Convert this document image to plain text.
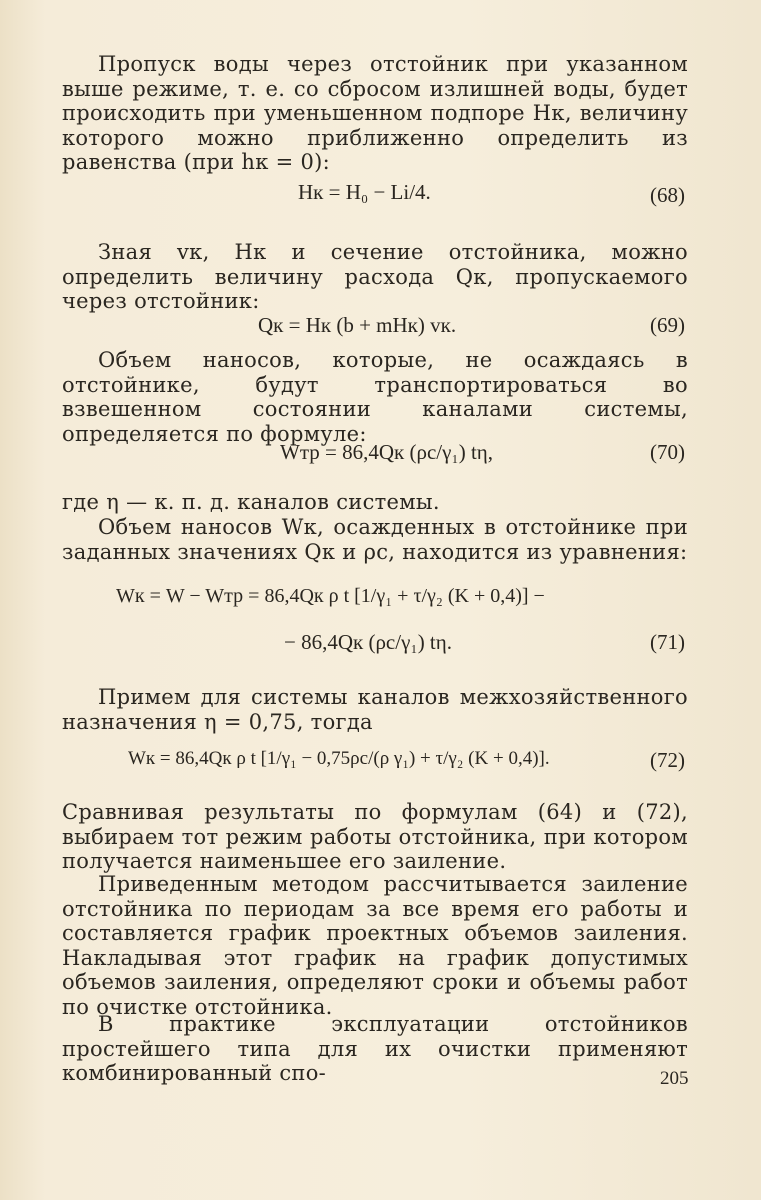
Пропуск воды через отстойник при указанном выше режиме, т. е. со сбросом излишней воды, будет происходить при уменьшенном подпоре Hк, величину которого можно приближенно определить из равенства (при hк = 0):
Hк = H₀ − Li/4.	(68)
Зная vк, Hк и сечение отстойника, можно определить величину расхода Qк, пропускаемого через отстойник:
Qк = Hк (b + mHк) vк.	(69)
Объем наносов, которые, не осаждаясь в отстойнике, будут транспортироваться во взвешенном состоянии каналами системы, определяется по формуле:
Wтр = 86,4Qк (ρс/γ₁) tη,	(70)
где η — к. п. д. каналов системы.
Объем наносов Wк, осажденных в отстойнике при заданных значениях Qк и ρс, находится из уравнения:
Wк = W − Wтр = 86,4Qк ρ t [1/γ₁ + τ/γ₂ (K + 0,4)] −
− 86,4Qк (ρс/γ₁) tη.	(71)
Примем для системы каналов межхозяйственного назначения η = 0,75, тогда
Wк = 86,4Qк ρ t [1/γ₁ − 0,75ρс/(ρ γ₁) + τ/γ₂ (K + 0,4)].	(72)
Сравнивая результаты по формулам (64) и (72), выбираем тот режим работы отстойника, при котором получается наименьшее его заиление.
Приведенным методом рассчитывается заиление отстойника по периодам за все время его работы и составляется график проектных объемов заиления. Накладывая этот график на график допустимых объемов заиления, определяют сроки и объемы работ по очистке отстойника.
В практике эксплуатации отстойников простейшего типа для их очистки применяют комбинированный спо-	205
